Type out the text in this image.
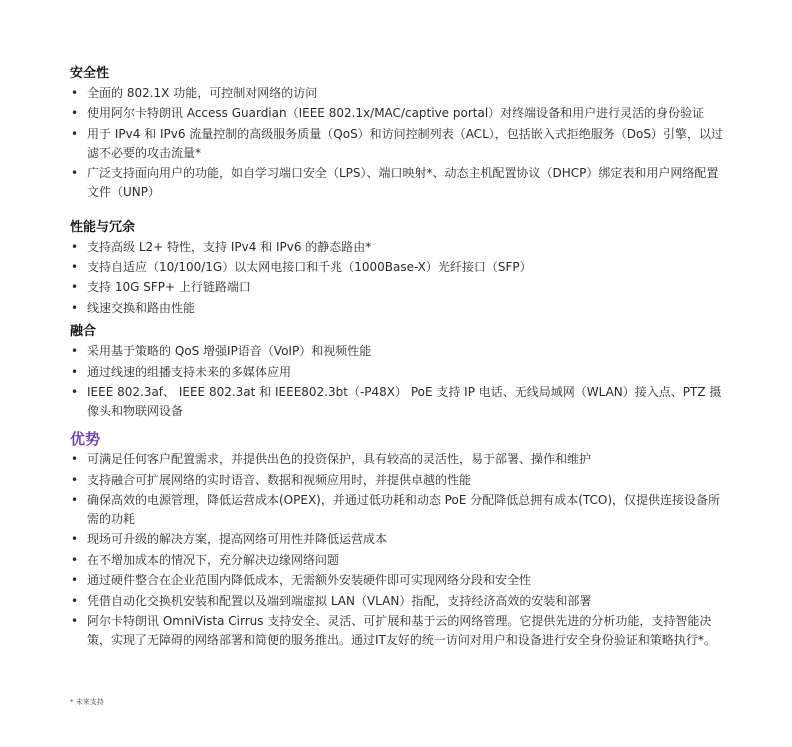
安全性
• 全面的 802.1X 功能，可控制对网络的访问
• 使用阿尔卡特朗讯 Access Guardian（IEEE 802.1x/MAC/captive portal）对终端设备和用户进行灵活的身份验证
• 用于 IPv4 和 IPv6 流量控制的高级服务质量（QoS）和访问控制列表（ACL），包括嵌入式拒绝服务（DoS）引擎，以过滤不必要的攻击流量*
• 广泛支持面向用户的功能，如自学习端口安全（LPS）、端口映射*、动态主机配置协议（DHCP）绑定表和用户网络配置文件（UNP）
性能与冗余
• 支持高级 L2+ 特性，支持 IPv4 和 IPv6 的静态路由*
• 支持自适应（10/100/1G）以太网电接口和千兆（1000Base-X）光纤接口（SFP）
• 支持 10G SFP+ 上行链路端口
• 线速交换和路由性能
融合
• 采用基于策略的 QoS 增强IP语音（VoIP）和视频性能
• 通过线速的组播支持未来的多媒体应用
• IEEE 802.3af、 IEEE 802.3at 和 IEEE802.3bt（-P48X） PoE 支持 IP 电话、无线局域网（WLAN）接入点、PTZ 摄像头和物联网设备
优势
• 可满足任何客户配置需求，并提供出色的投资保护，具有较高的灵活性，易于部署、操作和维护
• 支持融合可扩展网络的实时语音、数据和视频应用时，并提供卓越的性能
• 确保高效的电源管理，降低运营成本(OPEX)，并通过低功耗和动态 PoE 分配降低总拥有成本(TCO)，仅提供连接设备所需的功耗
• 现场可升级的解决方案，提高网络可用性并降低运营成本
• 在不增加成本的情况下，充分解决边缘网络问题
• 通过硬件整合在企业范围内降低成本，无需额外安装硬件即可实现网络分段和安全性
• 凭借自动化交换机安装和配置以及端到端虚拟 LAN（VLAN）指配，支持经济高效的安装和部署
• 阿尔卡特朗讯 OmniVista Cirrus 支持安全、灵活、可扩展和基于云的网络管理。它提供先进的分析功能，支持智能决策，实现了无障碍的网络部署和简便的服务推出。通过IT友好的统一访问对用户和设备进行安全身份验证和策略执行*。
* 未来支持
